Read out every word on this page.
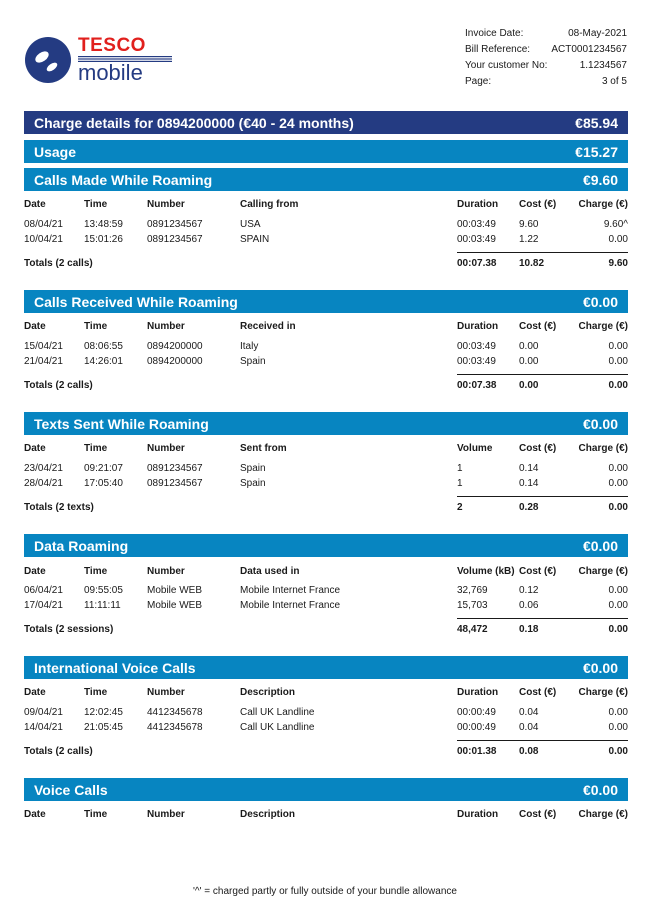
TESCO
mobile
Invoice Date:	08-May-2021
Bill Reference: ACT0001234567
Your customer No:	1.1234567
Page:	3 of 5
Charge details for 0894200000 (€40 - 24 months)	€85.94
Usage	€15.27
Calls Made While Roaming	€9.60
Date	Time	Number	Calling from	Duration Cost (€) Charge (€)
08/04/21 13:48:59 0891234567	USA	00:03:49 9.60	9.60^
10/04/21 15:01:26 0891234567	SPAIN	00:03:49 1.22	0.00
Totals (2 calls)	00:07.38 10.82	9.60
Calls Received While Roaming	€0.00
Date	Time	Number	Received in	Duration Cost (€) Charge (€)
15/04/21 08:06:55 0894200000	Italy	00:03:49 0.00	0.00
21/04/21 14:26:01 0894200000	Spain	00:03:49 0.00	0.00
Totals (2 calls)	00:07.38 0.00	0.00
Texts Sent While Roaming	€0.00
Date	Time	Number	Sent from	Volume	Cost (€) Charge (€)
23/04/21 09:21:07 0891234567	Spain	1	0.14	0.00
28/04/21 17:05:40 0891234567	Spain	1	0.14	0.00
Totals (2 texts)	2	0.28	0.00
Data Roaming	€0.00
Date	Time	Number	Data used in	Volume (kB) Cost (€) Charge (€)
06/04/21 09:55:05 Mobile WEB	Mobile Internet France	32,769	0.12	0.00
17/04/21 11:11:11	Mobile WEB	Mobile Internet France	15,703	0.06	0.00
Totals (2 sessions)	48,472	0.18	0.00
International Voice Calls	€0.00
Date	Time	Number	Description	Duration Cost (€) Charge (€)
09/04/21 12:02:45 4412345678	Call UK Landline	00:00:49 0.04	0.00
14/04/21 21:05:45 4412345678	Call UK Landline	00:00:49 0.04	0.00
Totals (2 calls)	00:01.38 0.08	0.00
Voice Calls	€0.00
Date	Time	Number	Description	Duration Cost (€) Charge (€)
'^' = charged partly or fully outside of your bundle allowance
